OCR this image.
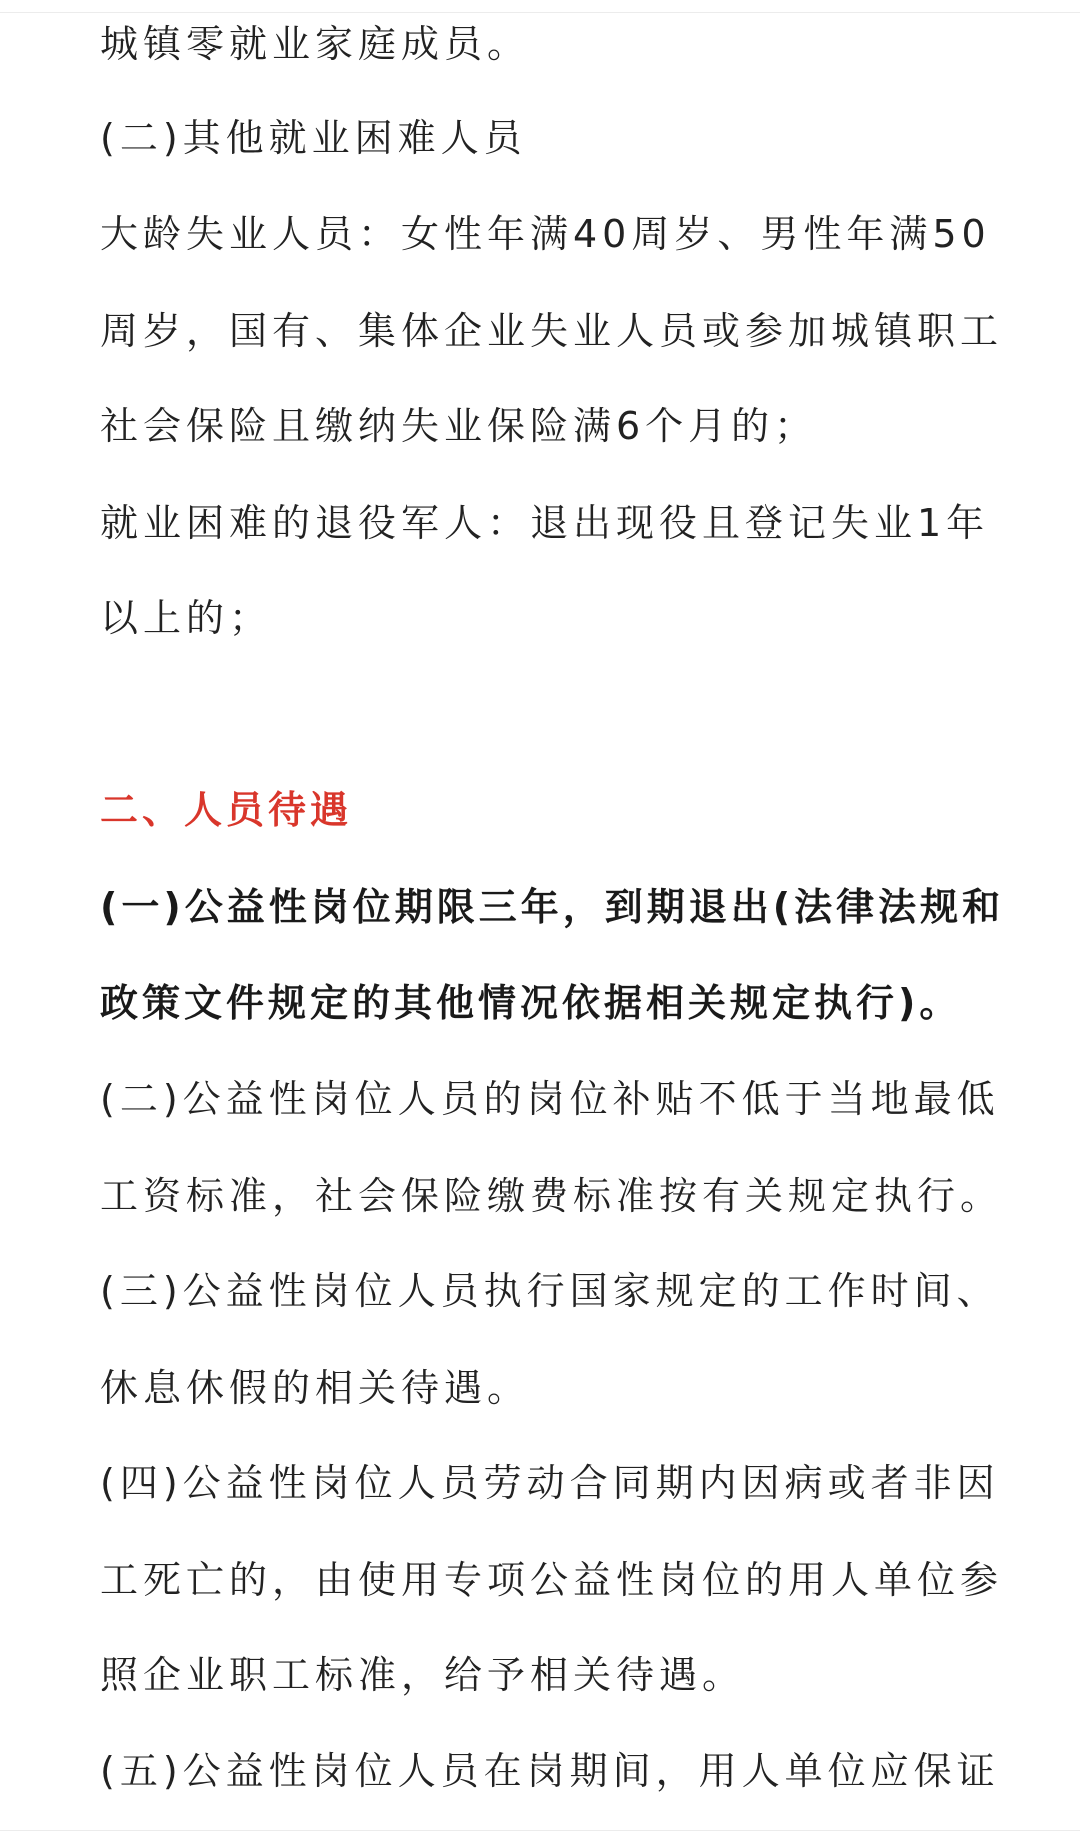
城镇零就业家庭成员。
(二)其他就业困难人员
大龄失业人员：女性年满40周岁、男性年满50
周岁，国有、集体企业失业人员或参加城镇职工
社会保险且缴纳失业保险满6个月的；
就业困难的退役军人：退出现役且登记失业1年
以上的；
二、人员待遇
(一)公益性岗位期限三年，到期退出(法律法规和
政策文件规定的其他情况依据相关规定执行)。
(二)公益性岗位人员的岗位补贴不低于当地最低
工资标准，社会保险缴费标准按有关规定执行。
(三)公益性岗位人员执行国家规定的工作时间、
休息休假的相关待遇。
(四)公益性岗位人员劳动合同期内因病或者非因
工死亡的，由使用专项公益性岗位的用人单位参
照企业职工标准，给予相关待遇。
(五)公益性岗位人员在岗期间，用人单位应保证
